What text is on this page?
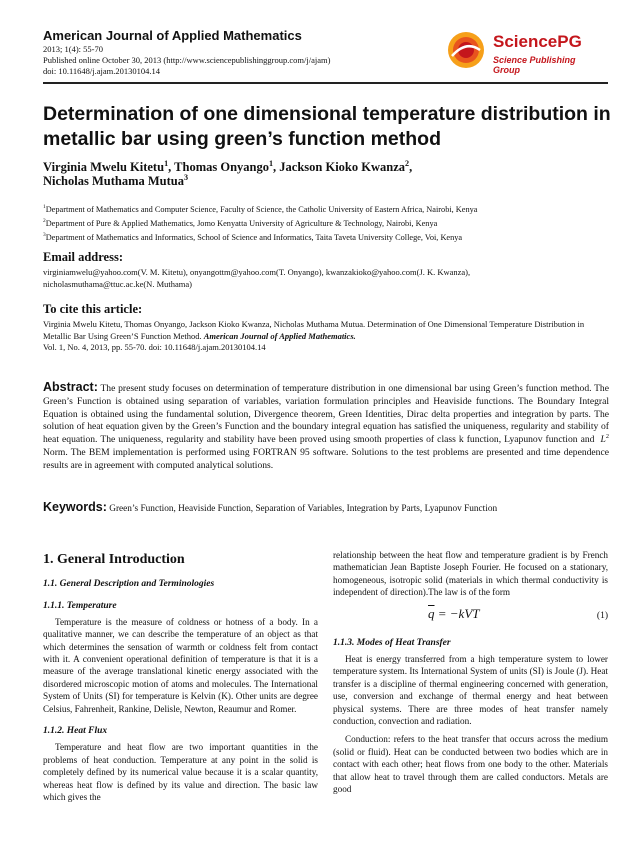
American Journal of Applied Mathematics
2013; 1(4): 55-70
Published online October 30, 2013 (http://www.sciencepublishinggroup.com/j/ajam)
doi: 10.11648/j.ajam.20130104.14
SciencePG
Science Publishing Group
Determination of one dimensional temperature distribution in metallic bar using green’s function method
Virginia Mwelu Kitetu$^1$, Thomas Onyango$^1$, Jackson Kioko Kwanza$^2$,
Nicholas Muthama Mutua$^3$
$^1$Department of Mathematics and Computer Science, Faculty of Science, the Catholic University of Eastern Africa, Nairobi, Kenya
$^2$Department of Pure & Applied Mathematics, Jomo Kenyatta University of Agriculture & Technology, Nairobi, Kenya
$^3$Department of Mathematics and Informatics, School of Science and Informatics, Taita Taveta University College, Voi, Kenya
Email address:
virginiamwelu@yahoo.com(V. M. Kitetu), onyangottm@yahoo.com(T. Onyango), kwanzakioko@yahoo.com(J. K. Kwanza),
nicholasmuthama@ttuc.ac.ke(N. Muthama)
To cite this article:
Virginia Mwelu Kitetu, Thomas Onyango, Jackson Kioko Kwanza, Nicholas Muthama Mutua. Determination of One Dimensional Temperature Distribution in Metallic Bar Using Green’S Function Method. American Journal of Applied Mathematics.
Vol. 1, No. 4, 2013, pp. 55-70. doi: 10.11648/j.ajam.20130104.14
Abstract: The present study focuses on determination of temperature distribution in one dimensional bar using Green’s function method. The Green’s Function is obtained using separation of variables, variation formulation principles and Heaviside functions. The Boundary Integral Equation is obtained using the fundamental solution, Divergence theorem, Green Identities, Dirac delta properties and integration by parts. The solution of heat equation given by the Green’s Function and the boundary integral equation has satisfied the uniqueness, regularity and stability of heat equation. The uniqueness, regularity and stability have been proved using smooth properties of class k function, Lyapunov function and $L^2$ Norm. The BEM implementation is performed using FORTRAN 95 software. Solutions to the test problems are presented and time dependence results are in agreement with computed analytical solutions.
Keywords: Green’s Function, Heaviside Function, Separation of Variables, Integration by Parts, Lyapunov Function
1. General Introduction
1.1. General Description and Terminologies
1.1.1. Temperature

Temperature is the measure of coldness or hotness of a body. In a qualitative manner, we can describe the temperature of an object as that which determines the sensation of warmth or coldness felt from contact with it. A convenient operational definition of temperature is that it is a measure of the average translational kinetic energy associated with the disordered microscopic motion of atoms and molecules. The International System of Units (SI) for temperature is Kelvin (K). Other units are degree Celsius, Fahrenheit, Rankine, Delisle, Newton, Reaumur and Romer.

1.1.2. Heat Flux

Temperature and heat flow are two important quantities in the problems of heat conduction. Temperature at any point in the solid is completely defined by its numerical value because it is a scalar quantity, whereas heat flow is defined by its value and direction. The basic law which gives the

relationship between the heat flow and temperature gradient is by French mathematician Jean Baptiste Joseph Fourier. He focused on a stationary, homogeneous, isotropic solid (materials in which thermal conductivity is independent of direction).The law is of the form

$\overline{q} = -kVT$	(1)
1.1.3. Modes of Heat Transfer

Heat is energy transferred from a high temperature system to lower temperature system. Its International System of units (SI) is Joule (J). Heat transfer is a discipline of thermal engineering concerned with generation, use, conversion and exchange of thermal energy and heat between physical systems. There are three modes of heat transfer namely conduction, convection and radiation.

Conduction: refers to the heat transfer that occurs across the medium (solid or fluid). Heat can be conducted between two bodies which are in contact with each other; heat flows from one body to the other. Materials that allow heat to travel through them are called conductors. Metals are good
